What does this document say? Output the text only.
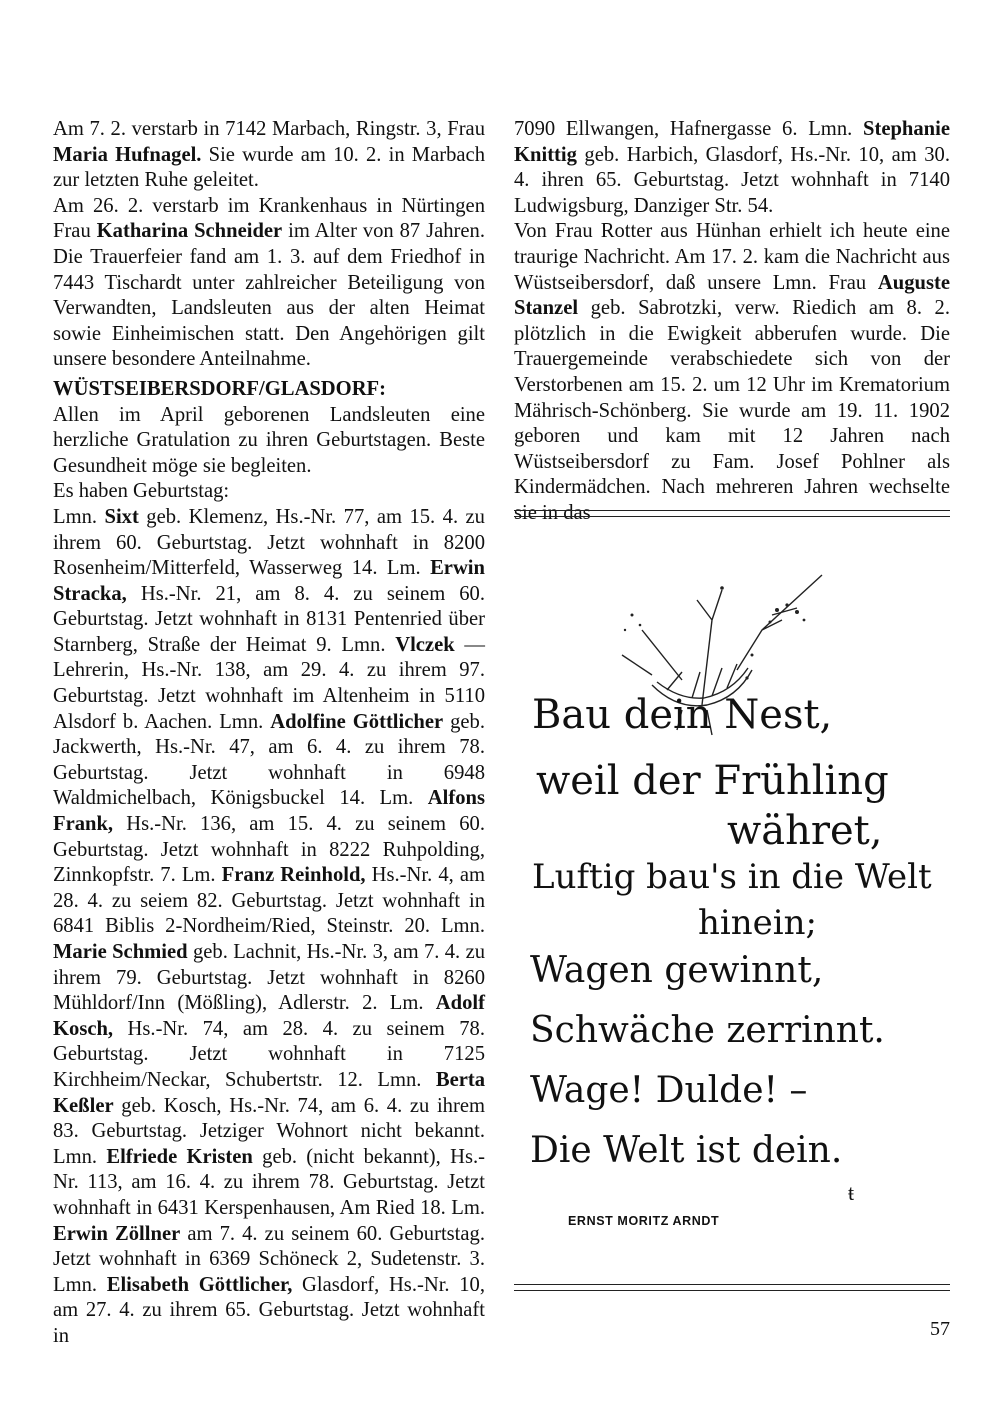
Am 7. 2. verstarb in 7142 Marbach, Ringstr. 3, Frau Maria Hufnagel. Sie wurde am 10. 2. in Marbach zur letzten Ruhe geleitet.

Am 26. 2. verstarb im Krankenhaus in Nürtingen Frau Katharina Schneider im Alter von 87 Jahren. Die Trauerfeier fand am 1. 3. auf dem Friedhof in 7443 Tischardt unter zahlreicher Beteiligung von Verwandten, Landsleuten aus der alten Heimat sowie Einheimischen statt. Den Angehörigen gilt unsere besondere Anteilnahme.

WÜSTSEIBERSDORF/GLASDORF:

Allen im April geborenen Landsleuten eine herzliche Gratulation zu ihren Geburtstagen. Beste Gesundheit möge sie begleiten.

Es haben Geburtstag:

Lmn. Sixt geb. Klemenz, Hs.-Nr. 77, am 15. 4. zu ihrem 60. Geburtstag. Jetzt wohnhaft in 8200 Rosenheim/Mitterfeld, Wasserweg 14. Lm. Erwin Stracka, Hs.-Nr. 21, am 8. 4. zu seinem 60. Geburtstag. Jetzt wohnhaft in 8131 Pentenried über Starnberg, Straße der Heimat 9. Lmn. Vlczek — Lehrerin, Hs.-Nr. 138, am 29. 4. zu ihrem 97. Geburtstag. Jetzt wohnhaft im Altenheim in 5110 Alsdorf b. Aachen. Lmn. Adolfine Göttlicher geb. Jackwerth, Hs.-Nr. 47, am 6. 4. zu ihrem 78. Geburtstag. Jetzt wohnhaft in 6948 Waldmichelbach, Königsbuckel 14. Lm. Alfons Frank, Hs.-Nr. 136, am 15. 4. zu seinem 60. Geburtstag. Jetzt wohnhaft in 8222 Ruhpolding, Zinnkopfstr. 7. Lm. Franz Reinhold, Hs.-Nr. 4, am 28. 4. zu seiem 82. Geburtstag. Jetzt wohnhaft in 6841 Biblis 2-Nordheim/Ried, Steinstr. 20. Lmn. Marie Schmied geb. Lachnit, Hs.-Nr. 3, am 7. 4. zu ihrem 79. Geburtstag. Jetzt wohnhaft in 8260 Mühldorf/Inn (Mößling), Adlerstr. 2. Lm. Adolf Kosch, Hs.-Nr. 74, am 28. 4. zu seinem 78. Geburtstag. Jetzt wohnhaft in 7125 Kirchheim/Neckar, Schubertstr. 12. Lmn. Berta Keßler geb. Kosch, Hs.-Nr. 74, am 6. 4. zu ihrem 83. Geburtstag. Jetziger Wohnort nicht bekannt. Lmn. Elfriede Kristen geb. (nicht bekannt), Hs.-Nr. 113, am 16. 4. zu ihrem 78. Geburtstag. Jetzt wohnhaft in 6431 Kerspenhausen, Am Ried 18. Lm. Erwin Zöllner am 7. 4. zu seinem 60. Geburtstag. Jetzt wohnhaft in 6369 Schöneck 2, Sudetenstr. 3. Lmn. Elisabeth Göttlicher, Glasdorf, Hs.-Nr. 10, am 27. 4. zu ihrem 65. Geburtstag. Jetzt wohnhaft in

7090 Ellwangen, Hafnergasse 6. Lmn. Stephanie Knittig geb. Harbich, Glasdorf, Hs.-Nr. 10, am 30. 4. ihren 65. Geburtstag. Jetzt wohnhaft in 7140 Ludwigsburg, Danziger Str. 54.

Von Frau Rotter aus Hünhan erhielt ich heute eine traurige Nachricht. Am 17. 2. kam die Nachricht aus Wüstseibersdorf, daß unsere Lmn. Frau Auguste Stanzel geb. Sabrotzki, verw. Riedich am 8. 2. plötzlich in die Ewigkeit abberufen wurde. Die Trauergemeinde verabschiedete sich von der Verstorbenen am 15. 2. um 12 Uhr im Krematorium Mährisch-Schönberg. Sie wurde am 19. 11. 1902 geboren und kam mit 12 Jahren nach Wüstseibersdorf zu Fam. Josef Pohlner als Kindermädchen. Nach mehreren Jahren wechselte sie in das

Bau dein Nest,
weil der Frühling
währet,
Luftig bau's in die Welt
hinein;
Wagen gewinnt,
Schwäche zerrinnt.
Wage! Dulde! –
Die Welt ist dein.
ŧ
ERNST MORITZ ARNDT
57
